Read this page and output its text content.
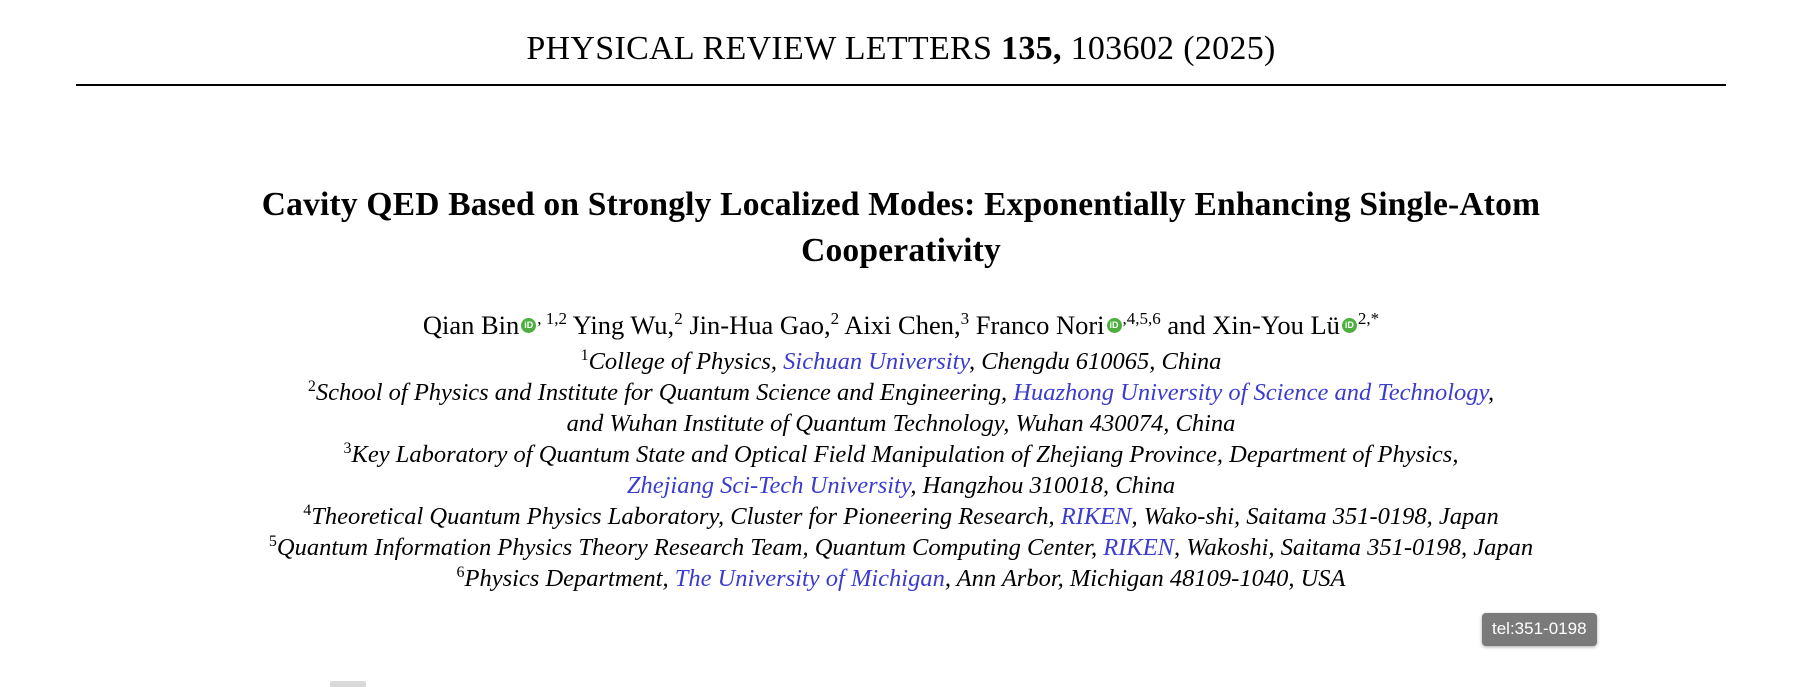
PHYSICAL REVIEW LETTERS 135, 103602 (2025)
Cavity QED Based on Strongly Localized Modes: Exponentially Enhancing Single-Atom Cooperativity
Qian Bin iD $^{, 1,2}$ Ying Wu,$^2$ Jin-Hua Gao,$^2$ Aixi Chen,$^3$ Franco Nori iD $^{,4,5,6}$ and Xin-You Lü iD $^{2,*}$
$^1$College of Physics, Sichuan University, Chengdu 610065, China
$^2$School of Physics and Institute for Quantum Science and Engineering, Huazhong University of Science and Technology,
and Wuhan Institute of Quantum Technology, Wuhan 430074, China
$^3$Key Laboratory of Quantum State and Optical Field Manipulation of Zhejiang Province, Department of Physics,
Zhejiang Sci-Tech University, Hangzhou 310018, China
$^4$Theoretical Quantum Physics Laboratory, Cluster for Pioneering Research, RIKEN, Wako-shi, Saitama 351-0198, Japan
$^5$Quantum Information Physics Theory Research Team, Quantum Computing Center, RIKEN, Wakoshi, Saitama 351-0198, Japan
$^6$Physics Department, The University of Michigan, Ann Arbor, Michigan 48109-1040, USA
tel:351-0198
